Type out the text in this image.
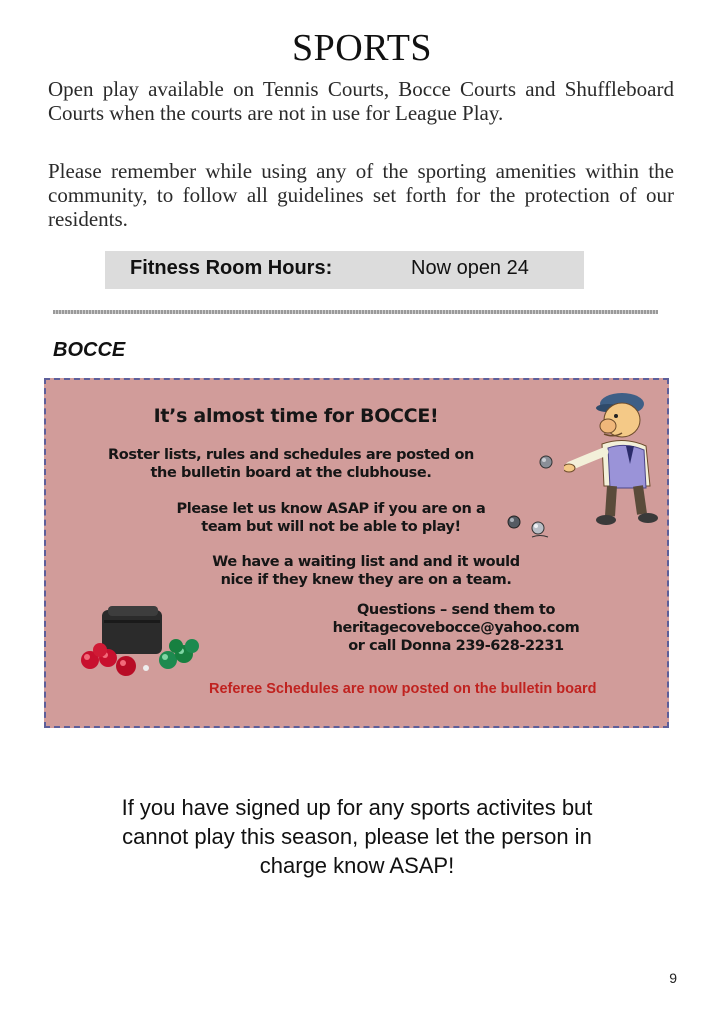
SPORTS
Open play available on Tennis Courts, Bocce Courts and Shuffleboard Courts when the courts are not in use for League Play.
Please remember while using any of the sporting amenities within the community, to follow all guidelines set forth for the protection of our residents.
Fitness Room Hours:	Now open 24
BOCCE
It’s almost time for BOCCE!
Roster lists, rules and schedules are posted on the bulletin board at the clubhouse.
Please let us know ASAP if you are on a team but will not be able to play!
We have a waiting list and and it would nice if they knew they are on a team.
Questions – send them to
heritagecovebocce@yahoo.com
or call Donna 239-628-2231
Referee Schedules are now posted on the bulletin board
If you have signed up for any sports activites but cannot play this season, please let the person in charge know ASAP!
9
